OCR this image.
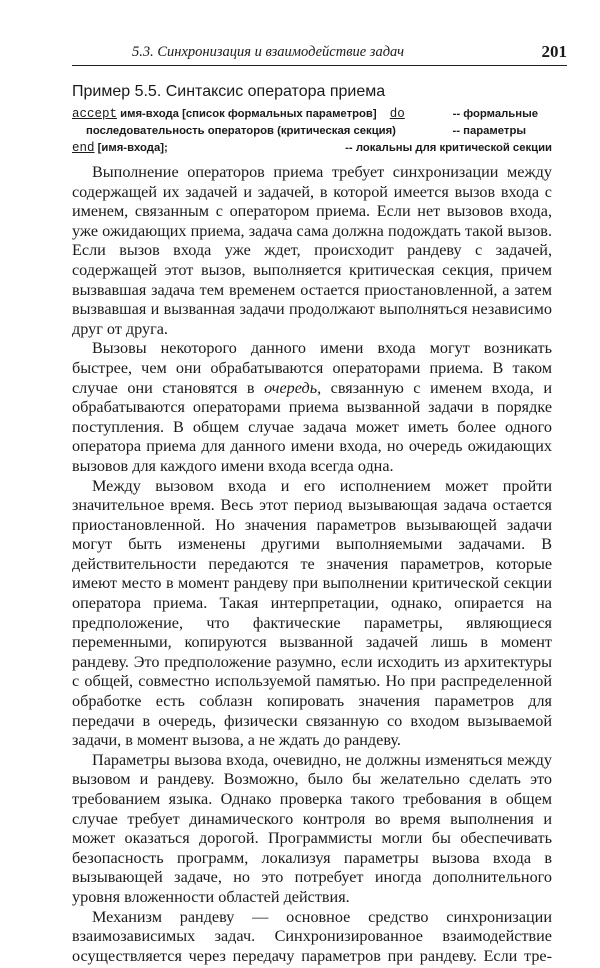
5.3. Синхронизация и взаимодействие задач	201
Пример 5.5. Синтаксис оператора приема
accept имя-входа [список формальных параметров] do	-- формальные
последовательность операторов (критическая секция)	-- параметры
end [имя-входа];	-- локальны для критической секции

Выполнение операторов приема требует синхронизации между содержащей их задачей и задачей, в которой имеется вызов входа с именем, связанным с оператором приема. Если нет вызовов входа, уже ожидающих приема, задача сама должна подождать такой вызов. Если вызов входа уже ждет, происходит рандеву с задачей, содержащей этот вызов, выполняется критическая секция, причем вызвавшая задача тем временем остается приостановленной, а затем вызвавшая и вызванная задачи продолжают выполняться независимо друг от друга.

Вызовы некоторого данного имени входа могут возникать быстрее, чем они обрабатываются операторами приема. В таком случае они становятся в очередь, связанную с именем входа, и обрабатываются операторами приема вызванной задачи в порядке поступления. В общем случае задача может иметь более одного оператора приема для данного имени входа, но очередь ожидающих вызовов для каждого имени входа всегда одна.

Между вызовом входа и его исполнением может пройти значительное время. Весь этот период вызывающая задача остается приостановленной. Но значения параметров вызывающей задачи могут быть изменены другими выполняемыми задачами. В действительности передаются те значения параметров, которые имеют место в момент рандеву при выполнении критической секции оператора приема. Такая интерпретации, однако, опирается на предположение, что фактические параметры, являющиеся переменными, копируются вызванной задачей лишь в момент рандеву. Это предположение разумно, если исходить из архитектуры с общей, совместно используемой памятью. Но при распределенной обработке есть соблазн копировать значения параметров для передачи в очередь, физически связанную со входом вызываемой задачи, в момент вызова, а не ждать до рандеву.

Параметры вызова входа, очевидно, не должны изменяться между вызовом и рандеву. Возможно, было бы желательно сделать это требованием языка. Однако проверка такого требования в общем случае требует динамического контроля во время выполнения и может оказаться дорогой. Программисты могли бы обеспечивать безопасность программ, локализуя параметры вызова входа в вызывающей задаче, но это потребует иногда дополнительного уровня вложенности областей действия.

Механизм рандеву — основное средство синхронизации взаимозависимых задач. Синхронизированное взаимодействие осуществляется через передачу параметров при рандеву. Если тре-
